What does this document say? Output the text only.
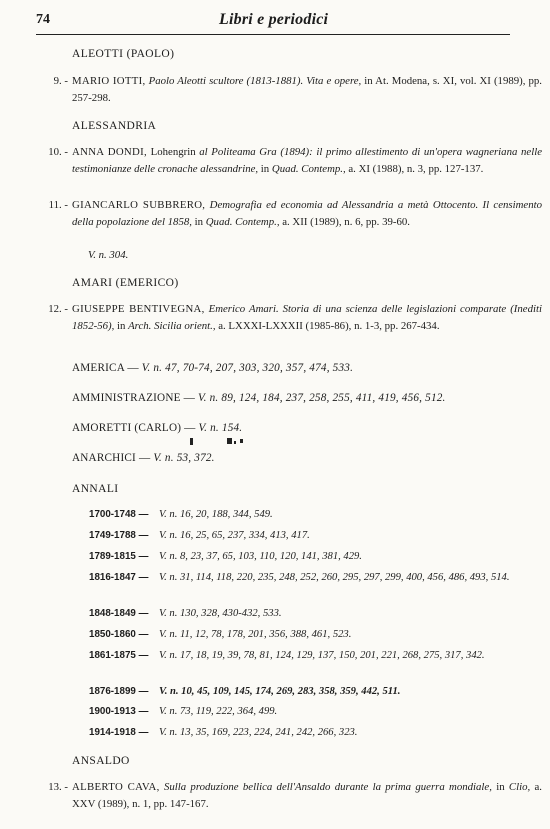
74	Libri e periodici
ALEOTTI (PAOLO)
9. - MARIO IOTTI, Paolo Aleotti scultore (1813-1881). Vita e opere, in At. Modena, s. XI, vol. XI (1989), pp. 257-298.
ALESSANDRIA
10. - ANNA DONDI, Lohengrin al Politeama Gra (1894): il primo allestimento di un'opera wagneriana nelle testimonianze delle cronache alessandrine, in Quad. Contemp., a. XI (1988), n. 3, pp. 127-137.
11. - GIANCARLO SUBBRERO, Demografia ed economia ad Alessandria a metà Ottocento. Il censimento della popolazione del 1858, in Quad. Contemp., a. XII (1989), n. 6, pp. 39-60.
V. n. 304.
AMARI (EMERICO)
12. - GIUSEPPE BENTIVEGNA, Emerico Amari. Storia di una scienza delle legislazioni comparate (Inediti 1852-56), in Arch. Sicilia orient., a. LXXXI-LXXXII (1985-86), n. 1-3, pp. 267-434.
AMERICA — V. n. 47, 70-74, 207, 303, 320, 357, 474, 533.
AMMINISTRAZIONE — V. n. 89, 124, 184, 237, 258, 255, 411, 419, 456, 512.
AMORETTI (CARLO) — V. n. 154.
ANARCHICI — V. n. 53, 372.
ANNALI
1700-1748 — V. n. 16, 20, 188, 344, 549.
1749-1788 — V. n. 16, 25, 65, 237, 334, 413, 417.
1789-1815 — V. n. 8, 23, 37, 65, 103, 110, 120, 141, 381, 429.
1816-1847 — V. n. 31, 114, 118, 220, 235, 248, 252, 260, 295, 297, 299, 400, 456, 486, 493, 514.
1848-1849 — V. n. 130, 328, 430-432, 533.
1850-1860 — V. n. 11, 12, 78, 178, 201, 356, 388, 461, 523.
1861-1875 — V. n. 17, 18, 19, 39, 78, 81, 124, 129, 137, 150, 201, 221, 268, 275, 317, 342.
1876-1899 — V. n. 10, 45, 109, 145, 174, 269, 283, 358, 359, 442, 511.
1900-1913 — V. n. 73, 119, 222, 364, 499.
1914-1918 — V. n. 13, 35, 169, 223, 224, 241, 242, 266, 323.
ANSALDO
13. - ALBERTO CAVA, Sulla produzione bellica dell'Ansaldo durante la prima guerra mondiale, in Clio, a. XXV (1989), n. 1, pp. 147-167.
